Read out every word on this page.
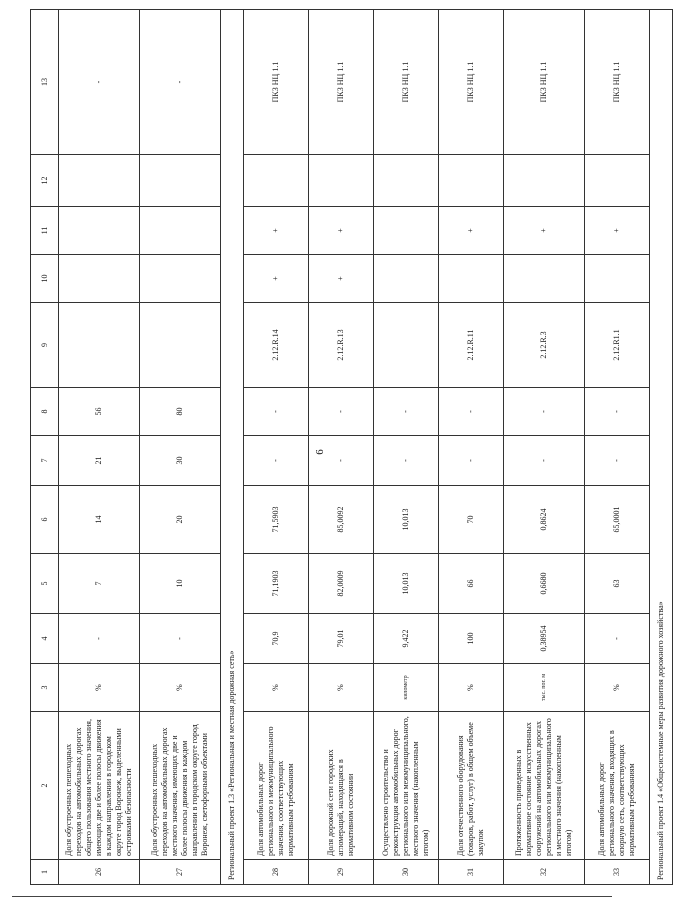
6
1	2	3	4	5	6	7	8	9	10	11	12	13
26	Доля обустроенных пешеходных переходов на автомобильных дорогах общего пользования местного значения, имеющих две и более полосы движения в каждом направлении в городском округе город Воронеж, выделенными островками безопасности	%	-	7	14	21	56					-
27	Доля обустроенных пешеходных переходов на автомобильных дорогах местного значения, имеющих две и более полосы движения в каждом направлении в городском округе город Воронеж, светофорными объектами	%	-	10	20	30	80					-
Региональный проект 1.3 «Региональная и местная дорожная сеть»												
28	Доля автомобильных дорог регионального и межмуниципального значения, соответствующих нормативным требованиям	%	70,9	71,1903	71,5903	-	-	2.12.R.14	+	+		ПКЗ НЦ 1.1
29	Доля дорожной сети городских агломераций, находящаяся в нормативном состоянии	%	79,01	82,0009	85,0092	-	-	2.12.R.13	+	+		ПКЗ НЦ 1.1
30	Осуществлено строительство и реконструкция автомобильных дорог регионального или межмуниципального, местного значения (накопленным итогом)	километр	9,422	10,013	10,013	-	-					ПКЗ НЦ 1.1
31	Доля отечественного оборудования (товаров, работ, услуг) в общем объеме закупок	%	100	66	70	-	-	2.12.R.11		+		ПКЗ НЦ 1.1
32	Протяженность приведенных в нормативное состояние искусственных сооружений на автомобильных дорогах регионального или межмуниципального и местного значения (накопленным итогом)	тыс. пог. м	0,38954	0,6680	0,8624	-	-	2.12.R.3		+		ПКЗ НЦ 1.1
33	Доля автомобильных дорог регионального значения, входящих в опорную сеть, соответствующих нормативным требованиям	%	-	63	65,0001	-	-	2.12.R1.1		+		ПКЗ НЦ 1.1
Региональный проект 1.4 «Общесистемные меры развития дорожного хозяйства»												
